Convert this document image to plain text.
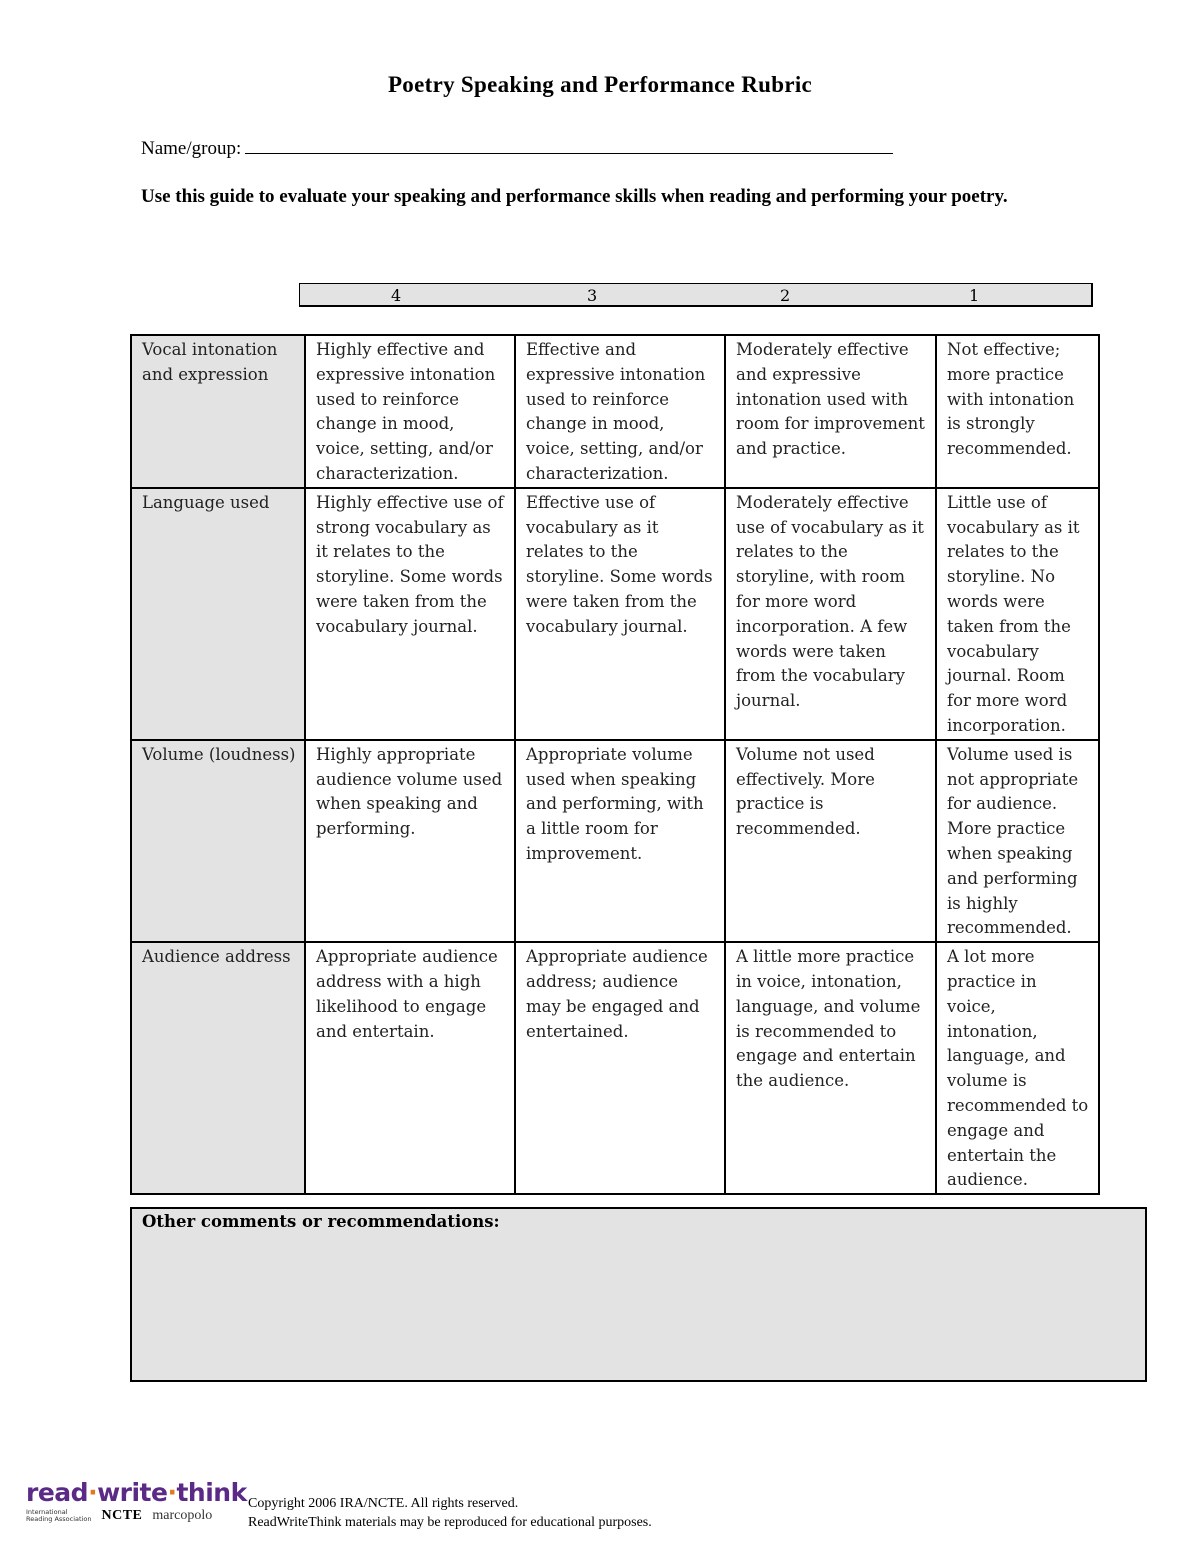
Poetry Speaking and Performance Rubric
Name/group:
Use this guide to evaluate your speaking and performance skills when reading and performing your poetry.
4	3	2	1
Vocal intonation and expression	Highly effective and expressive intonation used to reinforce change in mood, voice, setting, and/or characterization.	Effective and expressive intonation used to reinforce change in mood, voice, setting, and/or characterization.	Moderately effective and expressive intonation used with room for improvement and practice.	Not effective; more practice with intonation is strongly recommended.
Language used	Highly effective use of strong vocabulary as it relates to the storyline. Some words were taken from the vocabulary journal.	Effective use of vocabulary as it relates to the storyline. Some words were taken from the vocabulary journal.	Moderately effective use of vocabulary as it relates to the storyline, with room for more word incorporation. A few words were taken from the vocabulary journal.	Little use of vocabulary as it relates to the storyline. No words were taken from the vocabulary journal. Room for more word incorporation.
Volume (loudness)	Highly appropriate audience volume used when speaking and performing.	Appropriate volume used when speaking and performing, with a little room for improvement.	Volume not used effectively. More practice is recommended.	Volume used is not appropriate for audience. More practice when speaking and performing is highly recommended.
Audience address	Appropriate audience address with a high likelihood to engage and entertain.	Appropriate audience address; audience may be engaged and entertained.	A little more practice in voice, intonation, language, and volume is recommended to engage and entertain the audience.	A lot more practice in voice, intonation, language, and volume is recommended to engage and entertain the audience.
Other comments or recommendations:
read·write·think
International
Reading Association NCTE marcopolo
Copyright 2006 IRA/NCTE. All rights reserved.
ReadWriteThink materials may be reproduced for educational purposes.
